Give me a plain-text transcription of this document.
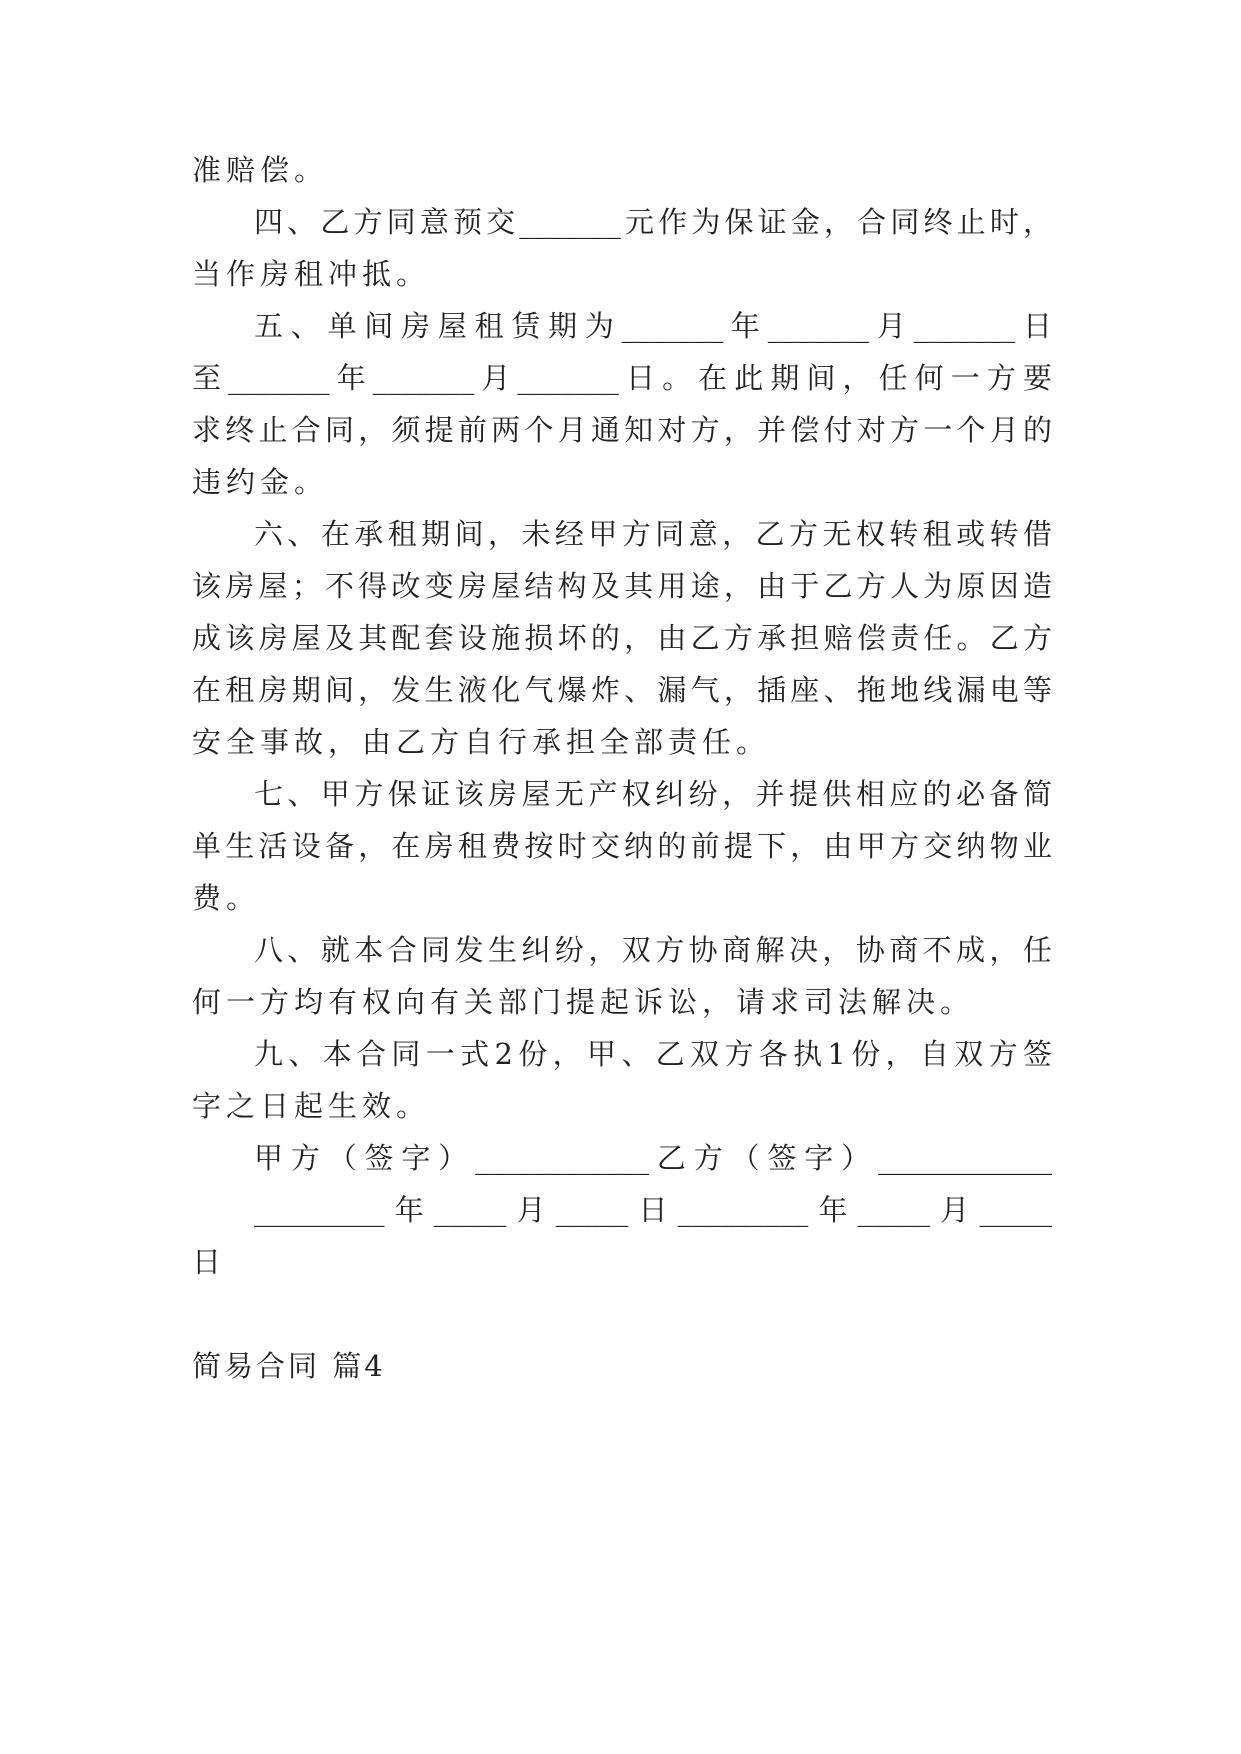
准赔偿。
四、乙方同意预交_______元作为保证金，合同终止时，
当作房租冲抵。
五、单间房屋租赁期为_______年_______月_______日
至_______年_______月_______日。在此期间，任何一方要
求终止合同，须提前两个月通知对方，并偿付对方一个月的
违约金。
六、在承租期间，未经甲方同意，乙方无权转租或转借
该房屋；不得改变房屋结构及其用途，由于乙方人为原因造
成该房屋及其配套设施损坏的，由乙方承担赔偿责任。乙方
在租房期间，发生液化气爆炸、漏气，插座、拖地线漏电等
安全事故，由乙方自行承担全部责任。
七、甲方保证该房屋无产权纠纷，并提供相应的必备简
单生活设备，在房租费按时交纳的前提下，由甲方交纳物业
费。
八、就本合同发生纠纷，双方协商解决，协商不成，任
何一方均有权向有关部门提起诉讼，请求司法解决。
九、本合同一式2份，甲、乙双方各执1份，自双方签
字之日起生效。
甲方（签字）____________乙方（签字）____________
_________年_____月_____日_________年_____月_____
日
简易合同 篇4
